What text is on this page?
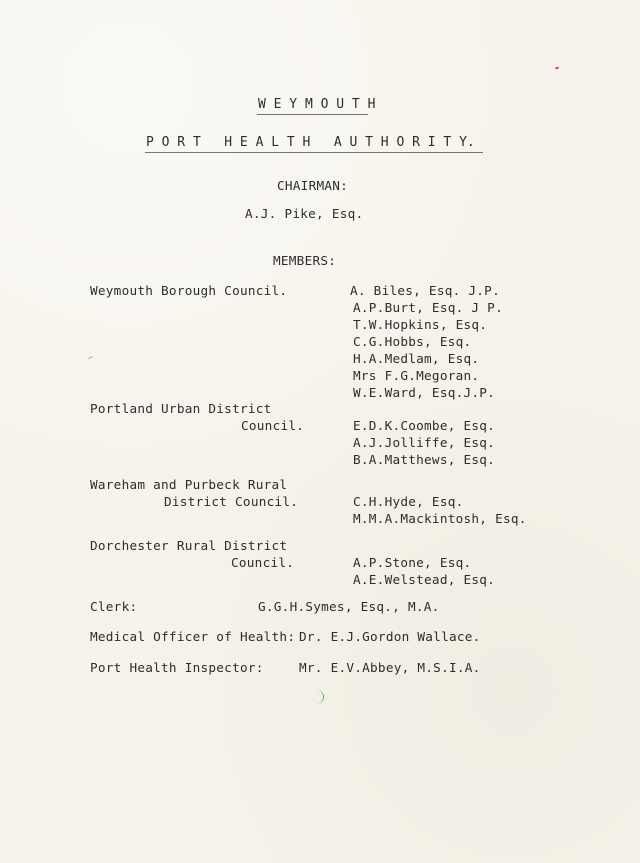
W E Y M O U T H
P O R T   H E A L T H   A U T H O R I T Y.
CHAIRMAN:
A.J. Pike, Esq.
MEMBERS:
Weymouth Borough Council.	A. Biles, Esq. J.P.
A.P.Burt, Esq. J P.
T.W.Hopkins, Esq.
C.G.Hobbs, Esq.
H.A.Medlam, Esq.
Mrs F.G.Megoran.
W.E.Ward, Esq.J.P.
Portland Urban District
Council.	E.D.K.Coombe, Esq.
A.J.Jolliffe, Esq.
B.A.Matthews, Esq.
Wareham and Purbeck Rural
District Council.	C.H.Hyde, Esq.
M.M.A.Mackintosh, Esq.
Dorchester Rural District
Council.	A.P.Stone, Esq.
A.E.Welstead, Esq.
Clerk:	G.G.H.Symes, Esq., M.A.
Medical Officer of Health: Dr. E.J.Gordon Wallace.
Port Health Inspector:	Mr. E.V.Abbey, M.S.I.A.
